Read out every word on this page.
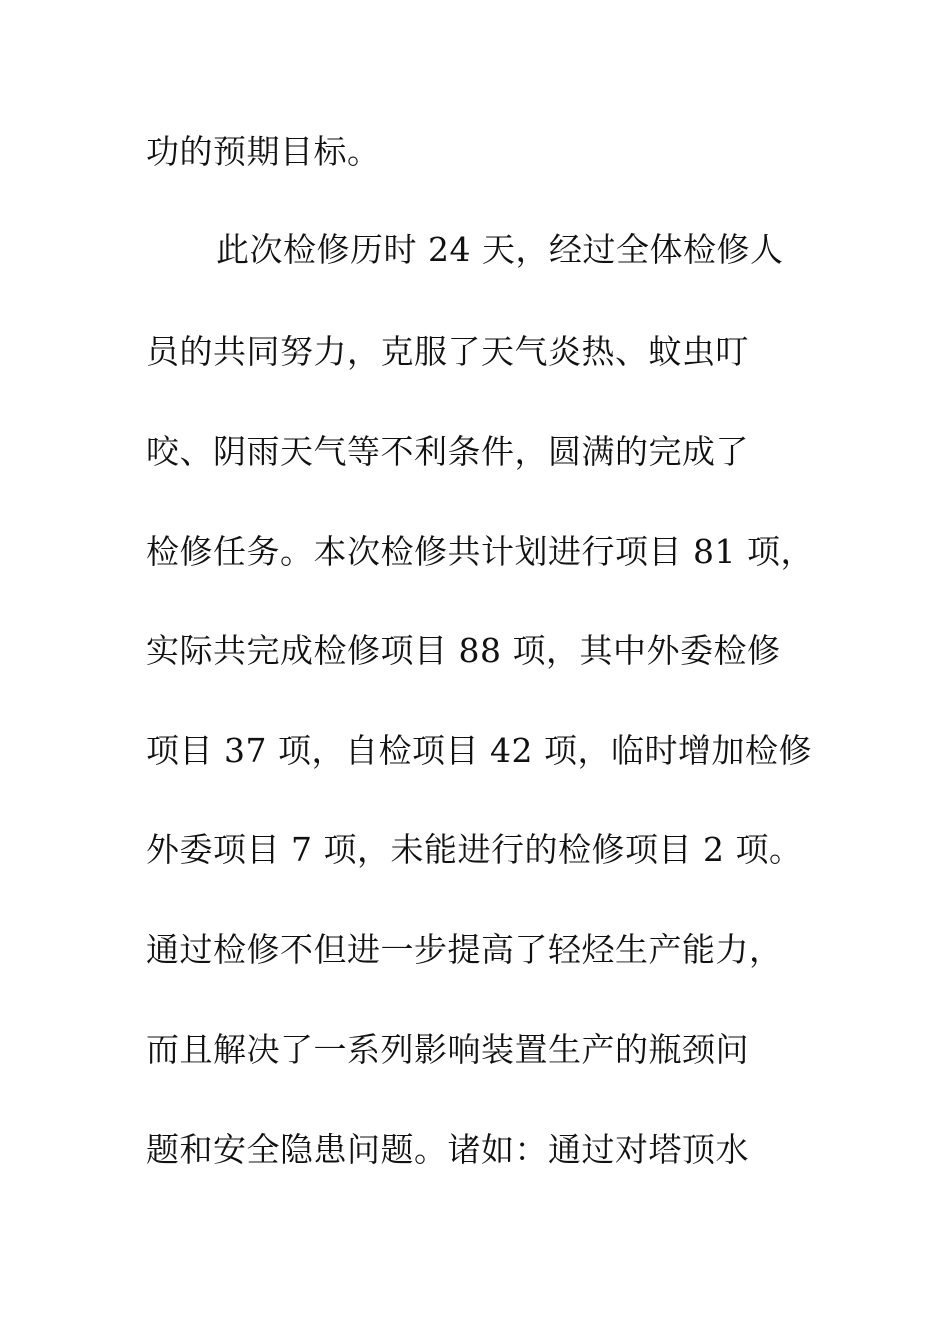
功的预期目标。
此次检修历时 24 天，经过全体检修人
员的共同努力，克服了天气炎热、蚊虫叮
咬、阴雨天气等不利条件，圆满的完成了
检修任务。本次检修共计划进行项目 81 项，
实际共完成检修项目 88 项，其中外委检修
项目 37 项，自检项目 42 项，临时增加检修
外委项目 7 项，未能进行的检修项目 2 项。
通过检修不但进一步提高了轻烃生产能力，
而且解决了一系列影响装置生产的瓶颈问
题和安全隐患问题。诸如：通过对塔顶水
